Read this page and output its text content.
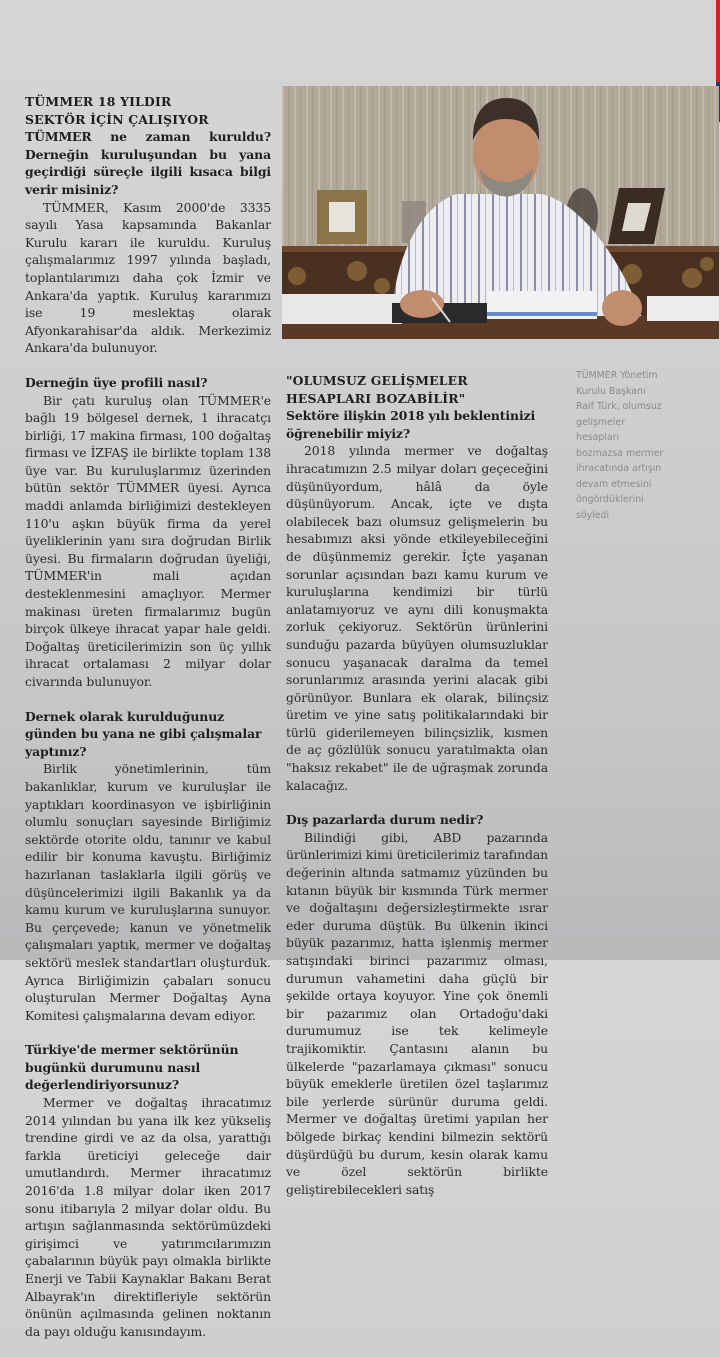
TÜMMER 18 YILDIR
SEKTÖR İÇİN ÇALIŞIYOR
TÜMMER ne zaman kuruldu? Derneğin kuruluşundan bu yana geçirdiği süreçle ilgili kısaca bilgi verir misiniz?

TÜMMER, Kasım 2000'de 3335 sayılı Yasa kapsamında Bakanlar Kurulu kararı ile kuruldu. Kuruluş çalışmalarımız 1997 yılında başladı, toplantılarımızı daha çok İzmir ve Ankara'da yaptık. Kuruluş kararımızı ise 19 meslektaş olarak Afyonkarahisar'da aldık. Merkezimiz Ankara'da bulunuyor.

Derneğin üye profili nasıl?

Bir çatı kuruluş olan TÜMMER'e bağlı 19 bölgesel dernek, 1 ihracatçı birliği, 17 makina firması, 100 doğaltaş firması ve İZFAŞ ile birlikte toplam 138 üye var. Bu kuruluşlarımız üzerinden bütün sektör TÜMMER üyesi. Ayrıca maddi anlamda birliğimizi destekleyen 110'u aşkın büyük firma da yerel üyeliklerinin yanı sıra doğrudan Birlik üyesi. Bu firmaların doğrudan üyeliği, TÜMMER'in mali açıdan desteklenmesini amaçlıyor. Mermer makinası üreten firmalarımız bugün birçok ülkeye ihracat yapar hale geldi. Doğaltaş üreticilerimizin son üç yıllık ihracat ortalaması 2 milyar dolar civarında bulunuyor.

Dernek olarak kurulduğunuz günden bu yana ne gibi çalışmalar yaptınız?

Birlik yönetimlerinin, tüm bakanlıklar, kurum ve kuruluşlar ile yaptıkları koordinasyon ve işbirliğinin olumlu sonuçları sayesinde Birliğimiz sektörde otorite oldu, tanınır ve kabul edilir bir konuma kavuştu. Birliğimiz hazırlanan taslaklarla ilgili görüş ve düşüncelerimizi ilgili Bakanlık ya da kamu kurum ve kuruluşlarına sunuyor. Bu çerçevede; kanun ve yönetmelik çalışmaları yaptık, mermer ve doğaltaş sektörü meslek standartları oluşturduk. Ayrıca Birliğimizin çabaları sonucu oluşturulan Mermer Doğaltaş Ayna Komitesi çalışmalarına devam ediyor.

Türkiye'de mermer sektörünün bugünkü durumunu nasıl değerlendiriyorsunuz?

Mermer ve doğaltaş ihracatımız 2014 yılından bu yana ilk kez yükseliş trendine girdi ve az da olsa, yarattığı farkla üreticiyi geleceğe dair umutlandırdı. Mermer ihracatımız 2016'da 1.8 milyar dolar iken 2017 sonu itibarıyla 2 milyar dolar oldu. Bu artışın sağlanmasında sektörümüzdeki girişimci ve yatırımcılarımızın çabalarının büyük payı olmakla birlikte Enerji ve Tabii Kaynaklar Bakanı Berat Albayrak'ın direktifleriyle sektörün önünün açılmasında gelinen noktanın da payı olduğu kanısındayım.

"OLUMSUZ GELİŞMELER
HESAPLARI BOZABİLİR"
Sektöre ilişkin 2018 yılı beklentinizi öğrenebilir miyiz?

2018 yılında mermer ve doğaltaş ihracatımızın 2.5 milyar doları geçeceğini düşünüyordum, hâlâ da öyle düşünüyorum. Ancak, içte ve dışta olabilecek bazı olumsuz gelişmelerin bu hesabımızı aksi yönde etkileyebileceğini de düşünmemiz gerekir. İçte yaşanan sorunlar açısından bazı kamu kurum ve kuruluşlarına kendimizi bir türlü anlatamıyoruz ve aynı dili konuşmakta zorluk çekiyoruz. Sektörün ürünlerini sunduğu pazarda büyüyen olumsuzluklar sonucu yaşanacak daralma da temel sorunlarımız arasında yerini alacak gibi görünüyor. Bunlara ek olarak, bilinçsiz üretim ve yine satış politikalarındaki bir türlü giderilemeyen bilinçsizlik, kısmen de aç gözlülük sonucu yaratılmakta olan "haksız rekabet" ile de uğraşmak zorunda kalacağız.

Dış pazarlarda durum nedir?

Bilindiği gibi, ABD pazarında ürünlerimizi kimi üreticilerimiz tarafından değerinin altında satmamız yüzünden bu kıtanın büyük bir kısmında Türk mermer ve doğaltaşını değersizleştirmekte ısrar eder duruma düştük. Bu ülkenin ikinci büyük pazarımız, hatta işlenmiş mermer satışındaki birinci pazarımız olması, durumun vahametini daha güçlü bir şekilde ortaya koyuyor. Yine çok önemli bir pazarımız olan Ortadoğu'daki durumumuz ise tek kelimeyle trajikomiktir. Çantasını alanın bu ülkelerde "pazarlamaya çıkması" sonucu büyük emeklerle üretilen özel taşlarımız bile yerlerde sürünür duruma geldi. Mermer ve doğaltaş üretimi yapılan her bölgede birkaç kendini bilmezin sektörü düşürdüğü bu durum, kesin olarak kamu ve özel sektörün birlikte geliştirebilecekleri satış

TÜMMER Yönetim Kurulu Başkanı Raif Türk, olumsuz gelişmeler hesapları bozmazsa mermer ihracatında artışın devam etmesini öngördüklerini söyledi
